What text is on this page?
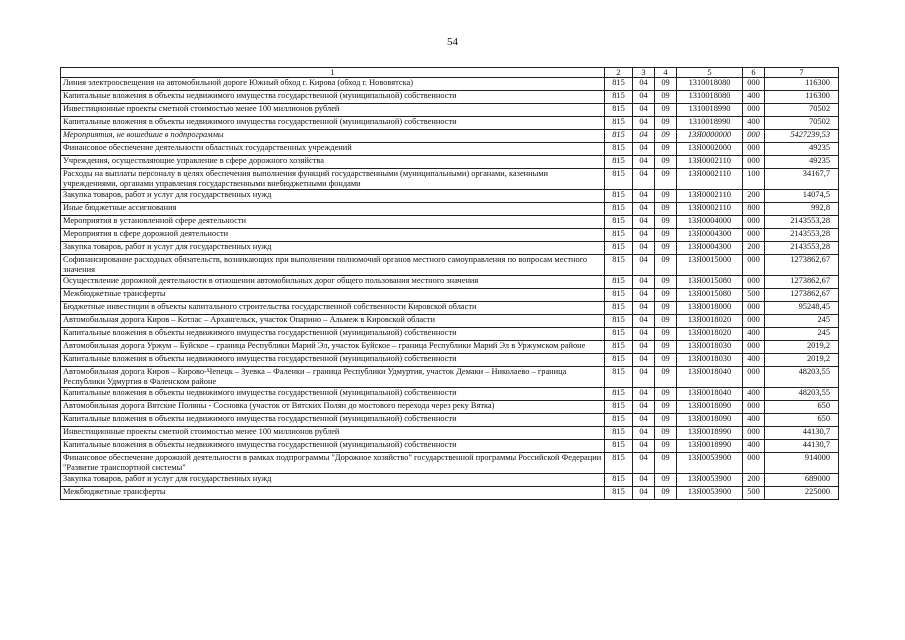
54
1	2	3	4	5	6	7
Линия электроосвещения на автомобильной дороге Южный обход г. Кирова (обход г. Нововятска)	815	04	09	1310018080	000	116300
Капитальные вложения в объекты недвижимого имущества государственной (муниципальной) собственности	815	04	09	1310018080	400	116300
Инвестиционные проекты сметной стоимостью менее 100 миллионов рублей	815	04	09	1310018990	000	70502
Капитальные вложения в объекты недвижимого имущества государственной (муниципальной) собственности	815	04	09	1310018990	400	70502
Мероприятия, не вошедшие в подпрограммы	815	04	09	13Я0000000	000	5427239,53
Финансовое обеспечение деятельности областных государственных учреждений	815	04	09	13Я0002000	000	49235
Учреждения, осуществляющие управление в сфере дорожного хозяйства	815	04	09	13Я0002110	000	49235
Расходы на выплаты персоналу в целях обеспечения выполнения функций государственными (муниципальными) органами, казенными учреждениями, органами управления государственными внебюджетными фондами	815	04	09	13Я0002110	100	34167,7
Закупка товаров, работ и услуг для государственных нужд	815	04	09	13Я0002110	200	14074,5
Иные бюджетные ассигнования	815	04	09	13Я0002110	800	992,8
Мероприятия в установленной сфере деятельности	815	04	09	13Я0004000	000	2143553,28
Мероприятия в сфере дорожной деятельности	815	04	09	13Я0004300	000	2143553,28
Закупка товаров, работ и услуг для государственных нужд	815	04	09	13Я0004300	200	2143553,28
Софинансирование расходных обязательств, возникающих при выполнении полномочий органов местного самоуправления по вопросам местного значения	815	04	09	13Я0015000	000	1273862,67
Осуществление дорожной деятельности в отношении автомобильных дорог общего пользования местного значения	815	04	09	13Я0015080	000	1273862,67
Межбюджетные трансферты	815	04	09	13Я0015080	500	1273862,67
Бюджетные инвестиции в объекты капитального строительства государственной собственности Кировской области	815	04	09	13Я0018000	000	95248,45
Автомобильная дорога Киров – Котлас – Архангельск, участок Опарино – Альмеж в Кировской области	815	04	09	13Я0018020	000	245
Капитальные вложения в объекты недвижимого имущества государственной (муниципальной) собственности	815	04	09	13Я0018020	400	245
Автомобильная дорога Уржум – Буйское – граница Республики Марий Эл, участок Буйское – граница Республики Марий Эл в Уржумском районе	815	04	09	13Я0018030	000	2019,2
Капитальные вложения в объекты недвижимого имущества государственной (муниципальной) собственности	815	04	09	13Я0018030	400	2019,2
Автомобильная дорога Киров – Кирово-Чепецк – Зуевка – Фаленки – граница Республики Удмуртия, участок Демаки – Николаево – граница Республики Удмуртия в Фаленском районе	815	04	09	13Я0018040	000	48203,55
Капитальные вложения в объекты недвижимого имущества государственной (муниципальной) собственности	815	04	09	13Я0018040	400	48203,55
Автомобильная дорога Вятские Поляны - Сосновка (участок от Вятских Полян до мостового перехода через реку Вятка)	815	04	09	13Я0018090	000	650
Капитальные вложения в объекты недвижимого имущества государственной (муниципальной) собственности	815	04	09	13Я0018090	400	650
Инвестиционные проекты сметной стоимостью менее 100 миллионов рублей	815	04	09	13Я0018990	000	44130,7
Капитальные вложения в объекты недвижимого имущества государственной (муниципальной) собственности	815	04	09	13Я0018990	400	44130,7
Финансовое обеспечение дорожной деятельности в рамках подпрограммы "Дорожное хозяйство" государственной программы Российской Федерации "Развитие транспортной системы"	815	04	09	13Я0053900	000	914000
Закупка товаров, работ и услуг для государственных нужд	815	04	09	13Я0053900	200	689000
Межбюджетные трансферты	815	04	09	13Я0053900	500	225000
